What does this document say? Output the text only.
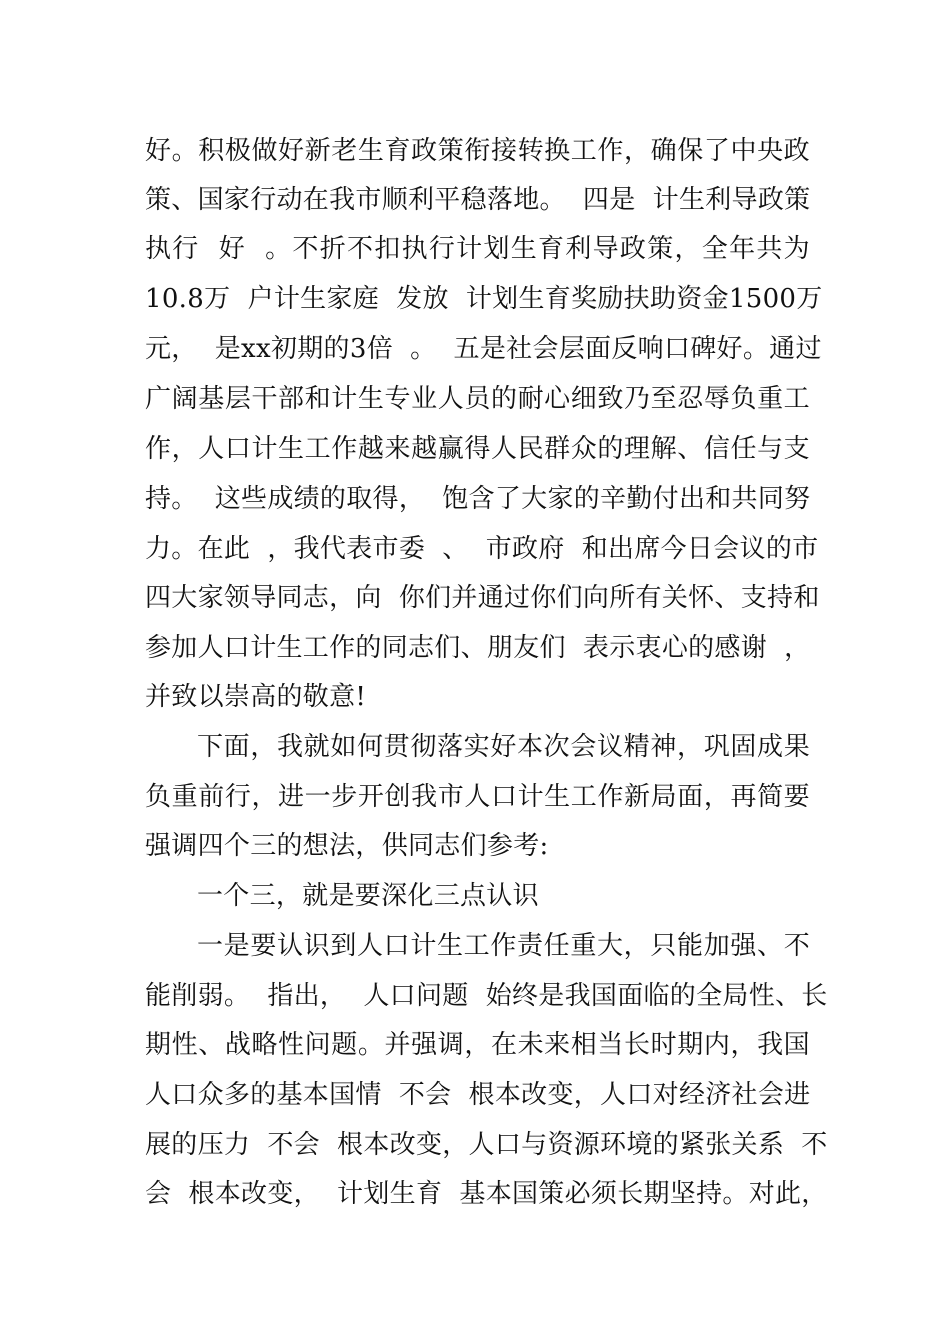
好。积极做好新老生育政策衔接转换工作，确保了中央政
策、国家行动在我市顺利平稳落地。  四是  计生利导政策
执行  好  。不折不扣执行计划生育利导政策，全年共为
10.8万  户计生家庭  发放  计划生育奖励扶助资金1500万
元，  是xx初期的3倍  。  五是社会层面反响口碑好。通过
广阔基层干部和计生专业人员的耐心细致乃至忍辱负重工
作，人口计生工作越来越赢得人民群众的理解、信任与支
持。  这些成绩的取得，  饱含了大家的辛勤付出和共同努
力。在此  ，我代表市委  、  市政府  和出席今日会议的市
四大家领导同志，向  你们并通过你们向所有关怀、支持和
参加人口计生工作的同志们、朋友们  表示衷心的感谢  ，
并致以崇高的敬意!
下面，我就如何贯彻落实好本次会议精神，巩固成果
负重前行，进一步开创我市人口计生工作新局面，再简要
强调四个三的想法，供同志们参考:
一个三，就是要深化三点认识
一是要认识到人口计生工作责任重大，只能加强、不
能削弱。  指出，  人口问题  始终是我国面临的全局性、长
期性、战略性问题。并强调，在未来相当长时期内，我国
人口众多的基本国情  不会  根本改变，人口对经济社会进
展的压力  不会  根本改变，人口与资源环境的紧张关系  不
会  根本改变，  计划生育  基本国策必须长期坚持。对此，
